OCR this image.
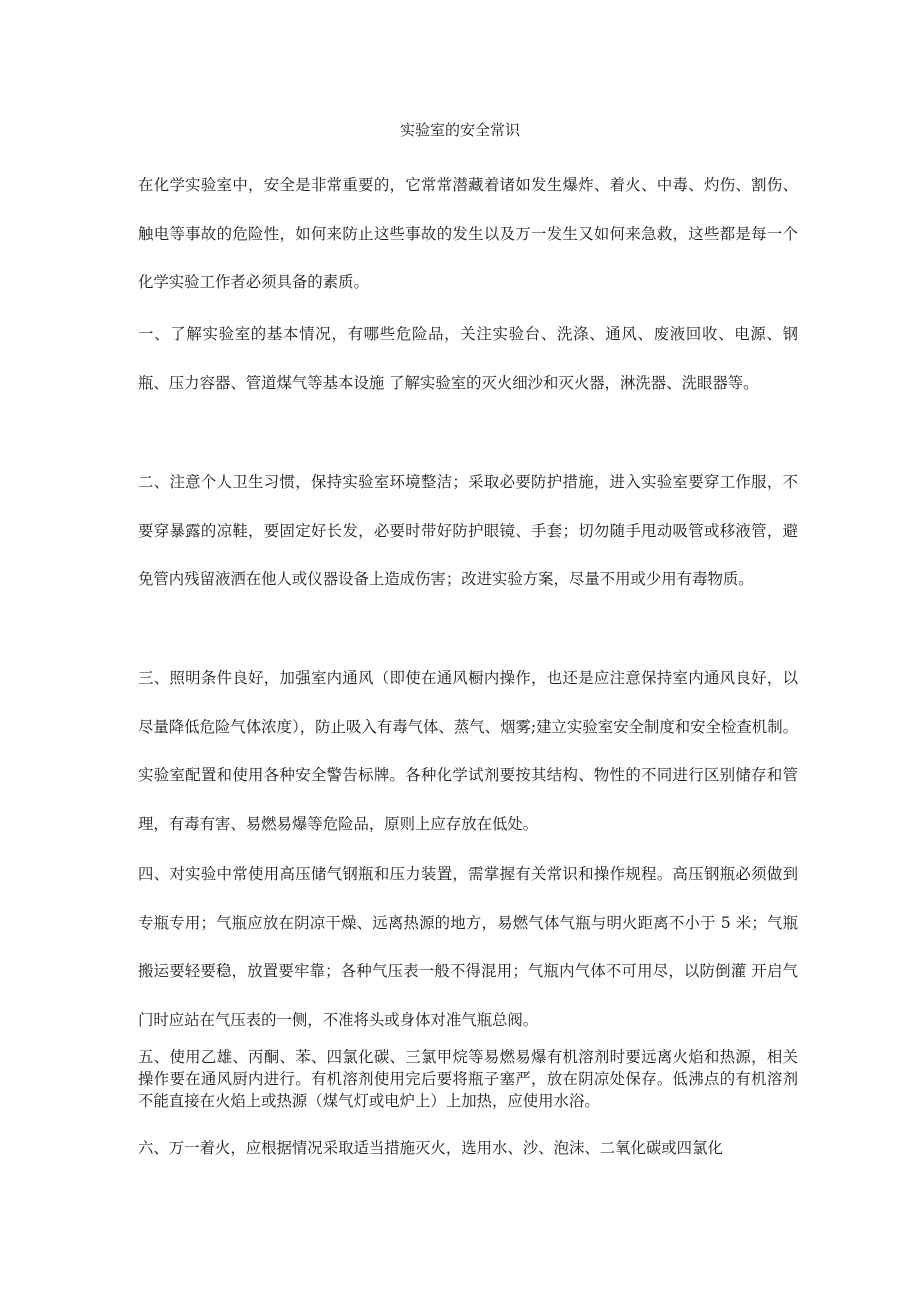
实验室的安全常识

在化学实验室中，安全是非常重要的，它常常潜藏着诸如发生爆炸、着火、中毒、灼伤、割伤、触电等事故的危险性，如何来防止这些事故的发生以及万一发生又如何来急救，这些都是每一个化学实验工作者必须具备的素质。

一、了解实验室的基本情况，有哪些危险品，关注实验台、洗涤、通风、废液回收、电源、钢瓶、压力容器、管道煤气等基本设施 了解实验室的灭火细沙和灭火器，淋洗器、洗眼器等。

二、注意个人卫生习惯，保持实验室环境整洁；采取必要防护措施，进入实验室要穿工作服，不要穿暴露的凉鞋，要固定好长发，必要时带好防护眼镜、手套；切勿随手甩动吸管或移液管，避免管内残留液洒在他人或仪器设备上造成伤害；改进实验方案，尽量不用或少用有毒物质。

三、照明条件良好，加强室内通风（即使在通风橱内操作，也还是应注意保持室内通风良好，以尽量降低危险气体浓度），防止吸入有毒气体、蒸气、烟雾;建立实验室安全制度和安全检查机制。实验室配置和使用各种安全警告标牌。各种化学试剂要按其结构、物性的不同进行区别储存和管理，有毒有害、易燃易爆等危险品，原则上应存放在低处。

四、对实验中常使用高压储气钢瓶和压力装置，需掌握有关常识和操作规程。高压钢瓶必须做到专瓶专用；气瓶应放在阴凉干燥、远离热源的地方，易燃气体气瓶与明火距离不小于 5 米；气瓶搬运要轻要稳，放置要牢靠；各种气压表一般不得混用；气瓶内气体不可用尽，以防倒灌 开启气门时应站在气压表的一侧，不准将头或身体对准气瓶总阀。

五、使用乙雄、丙酮、苯、四氯化碳、三氯甲烷等易燃易爆有机溶剂时要远离火焰和热源，相关操作要在通风厨内进行。有机溶剂使用完后要将瓶子塞严，放在阴凉处保存。低沸点的有机溶剂不能直接在火焰上或热源（煤气灯或电炉上）上加热，应使用水浴。

六、万一着火，应根据情况采取适当措施灭火，选用水、沙、泡沫、二氧化碳或四氯化
